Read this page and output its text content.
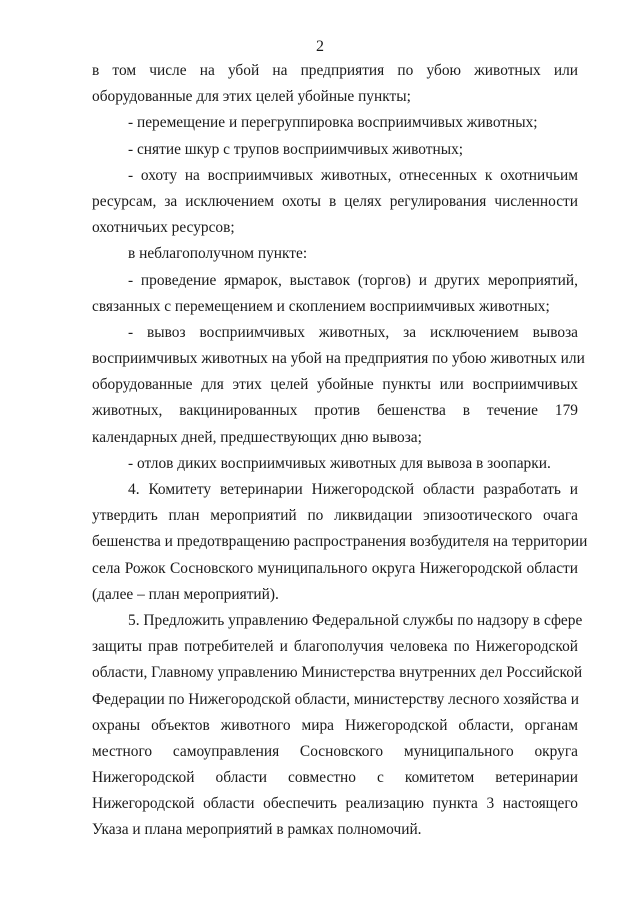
2
в том числе на убой на предприятия по убою животных или
оборудованные для этих целей убойные пункты;
- перемещение и перегруппировка восприимчивых животных;
- снятие шкур с трупов восприимчивых животных;
- охоту на восприимчивых животных, отнесенных к охотничьим
ресурсам, за исключением охоты в целях регулирования численности
охотничьих ресурсов;
в неблагополучном пункте:
- проведение ярмарок, выставок (торгов) и других мероприятий,
связанных с перемещением и скоплением восприимчивых животных;
- вывоз восприимчивых животных, за исключением вывоза
восприимчивых животных на убой на предприятия по убою животных или
оборудованные для этих целей убойные пункты или восприимчивых
животных, вакцинированных против бешенства в течение 179
календарных дней, предшествующих дню вывоза;
- отлов диких восприимчивых животных для вывоза в зоопарки.
4. Комитету ветеринарии Нижегородской области разработать и
утвердить план мероприятий по ликвидации эпизоотического очага
бешенства и предотвращению распространения возбудителя на территории
села Рожок Сосновского муниципального округа Нижегородской области
(далее – план мероприятий).
5. Предложить управлению Федеральной службы по надзору в сфере
защиты прав потребителей и благополучия человека по Нижегородской
области, Главному управлению Министерства внутренних дел Российской
Федерации по Нижегородской области, министерству лесного хозяйства и
охраны объектов животного мира Нижегородской области, органам
местного самоуправления Сосновского муниципального округа
Нижегородской области совместно с комитетом ветеринарии
Нижегородской области обеспечить реализацию пункта 3 настоящего
Указа и плана мероприятий в рамках полномочий.
